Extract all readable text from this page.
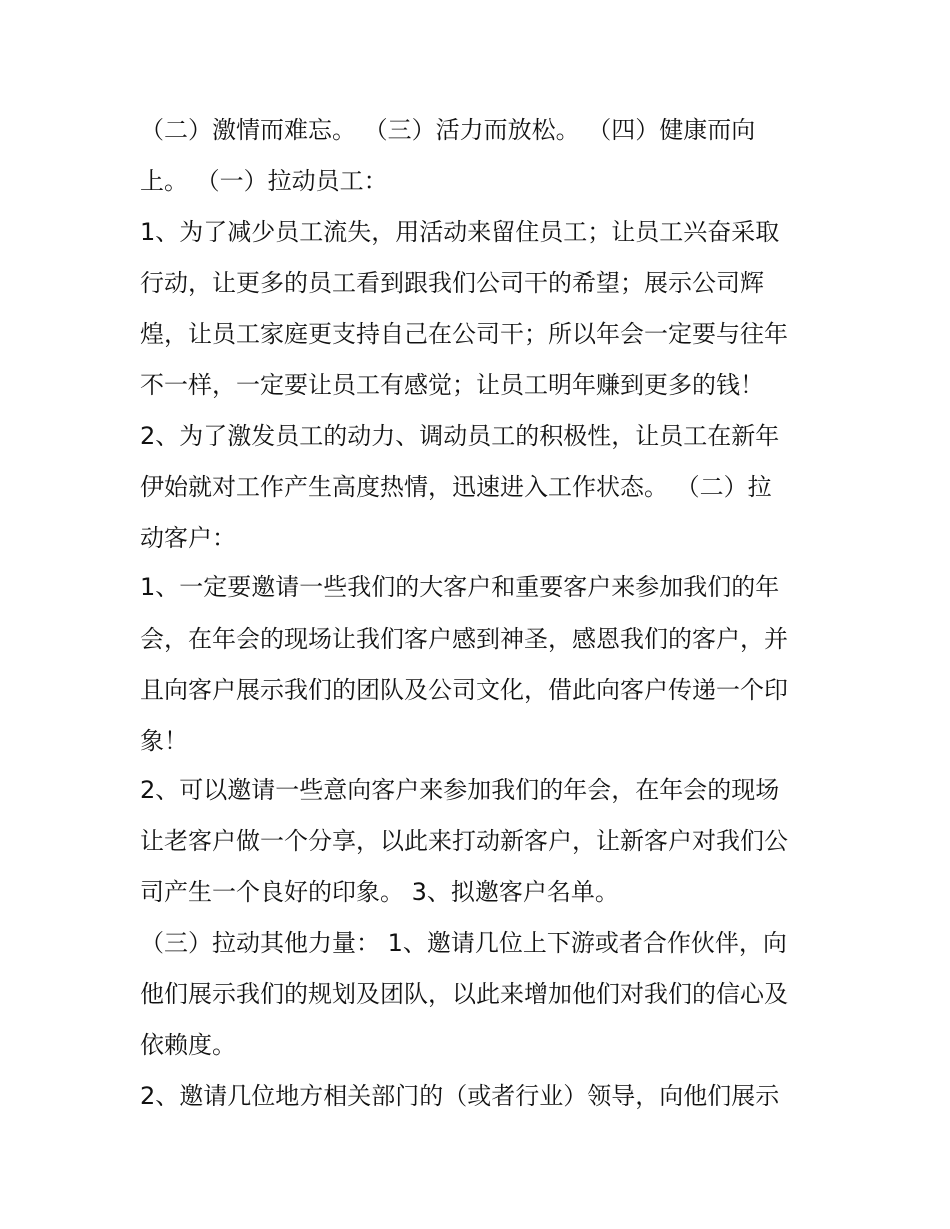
（二）激情而难忘。 （三）活力而放松。 （四）健康而向
上。 （一）拉动员工：
1、为了减少员工流失，用活动来留住员工；让员工兴奋采取
行动，让更多的员工看到跟我们公司干的希望；展示公司辉
煌，让员工家庭更支持自己在公司干；所以年会一定要与往年
不一样，一定要让员工有感觉；让员工明年赚到更多的钱！
2、为了激发员工的动力、调动员工的积极性，让员工在新年
伊始就对工作产生高度热情，迅速进入工作状态。 （二）拉
动客户：
1、一定要邀请一些我们的大客户和重要客户来参加我们的年
会，在年会的现场让我们客户感到神圣，感恩我们的客户，并
且向客户展示我们的团队及公司文化，借此向客户传递一个印
象！
2、可以邀请一些意向客户来参加我们的年会，在年会的现场
让老客户做一个分享，以此来打动新客户，让新客户对我们公
司产生一个良好的印象。 3、拟邀客户名单。
（三）拉动其他力量： 1、邀请几位上下游或者合作伙伴，向
他们展示我们的规划及团队，以此来增加他们对我们的信心及
依赖度。
2、邀请几位地方相关部门的（或者行业）领导，向他们展示
